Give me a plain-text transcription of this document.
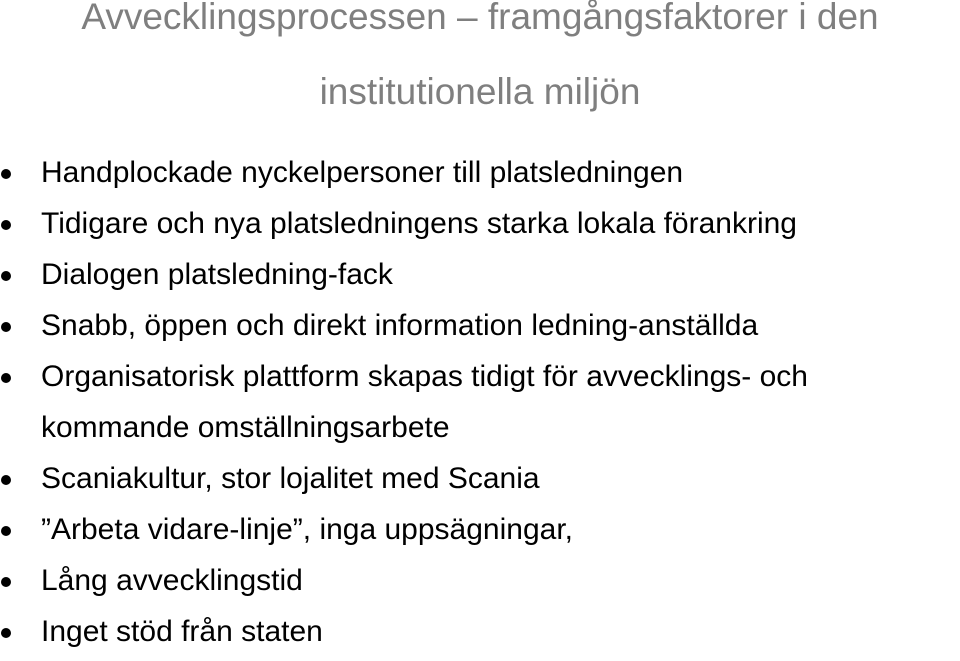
Avvecklingsprocessen – framgångsfaktorer i den
institutionella miljön
Handplockade nyckelpersoner till platsledningen
Tidigare och nya platsledningens starka lokala förankring
Dialogen platsledning-fack
Snabb, öppen och direkt information ledning-anställda
Organisatorisk plattform skapas tidigt för avvecklings- och kommande omställningsarbete
Scaniakultur, stor lojalitet med Scania
”Arbeta vidare-linje”, inga uppsägningar,
Lång avvecklingstid
Inget stöd från staten
